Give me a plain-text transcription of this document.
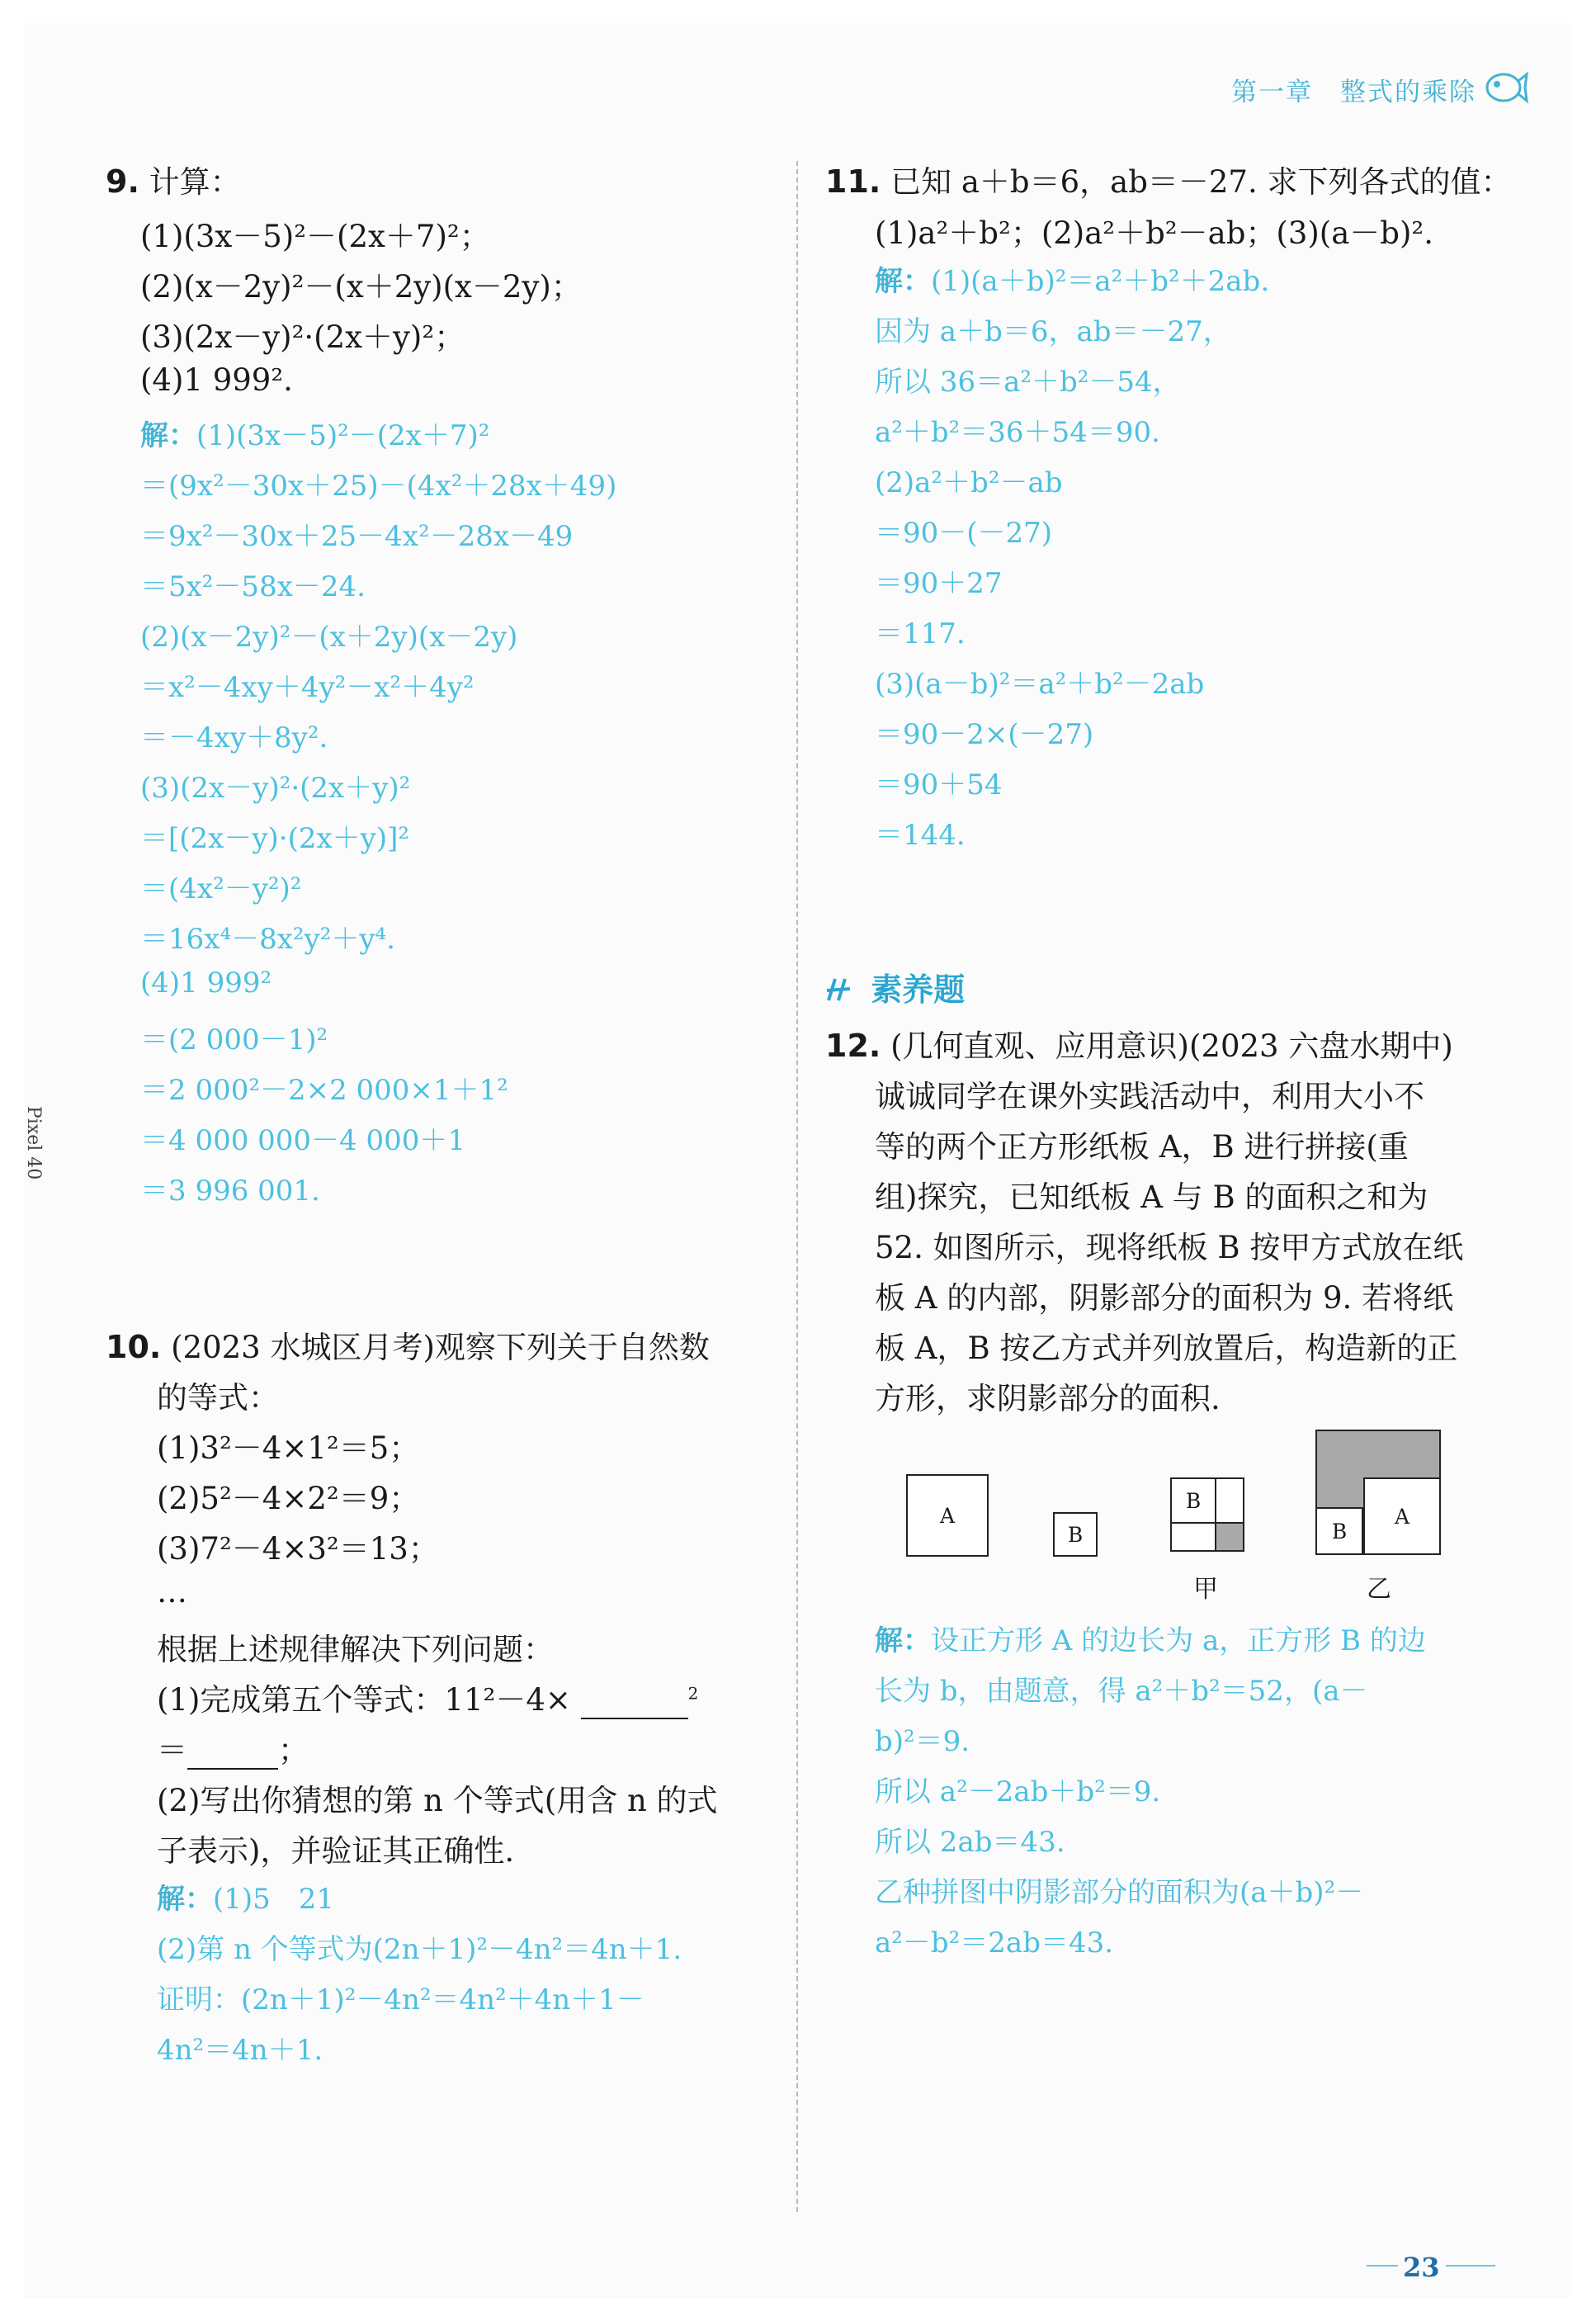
第一章　整式的乘除
Pixel 40
9. 计算：
(1)(3x－5)²－(2x＋7)²；
(2)(x－2y)²－(x＋2y)(x－2y)；
(3)(2x－y)²·(2x＋y)²；
(4)1 999².
解：(1)(3x－5)²－(2x＋7)²
＝(9x²－30x＋25)－(4x²＋28x＋49)
＝9x²－30x＋25－4x²－28x－49
＝5x²－58x－24.
(2)(x－2y)²－(x＋2y)(x－2y)
＝x²－4xy＋4y²－x²＋4y²
＝－4xy＋8y².
(3)(2x－y)²·(2x＋y)²
＝[(2x－y)·(2x＋y)]²
＝(4x²－y²)²
＝16x⁴－8x²y²＋y⁴.
(4)1 999²
＝(2 000－1)²
＝2 000²－2×2 000×1＋1²
＝4 000 000－4 000＋1
＝3 996 001.
10. (2023 水城区月考)观察下列关于自然数
的等式：
(1)3²－4×1²＝5；
(2)5²－4×2²＝9；
(3)7²－4×3²＝13；
…
根据上述规律解决下列问题：
(1)完成第五个等式：11²－4×	$^2$
＝	；
(2)写出你猜想的第 n 个等式(用含 n 的式
子表示)，并验证其正确性.
解：(1)5　21
(2)第 n 个等式为(2n＋1)²－4n²＝4n＋1.
证明：(2n＋1)²－4n²＝4n²＋4n＋1－
4n²＝4n＋1.
11. 已知 a＋b＝6，ab＝－27. 求下列各式的值：
(1)a²＋b²；(2)a²＋b²－ab；(3)(a－b)².
解：(1)(a＋b)²＝a²＋b²＋2ab.
因为 a＋b＝6，ab＝－27，
所以 36＝a²＋b²－54，
a²＋b²＝36＋54＝90.
(2)a²＋b²－ab
＝90－(－27)
＝90＋27
＝117.
(3)(a－b)²＝a²＋b²－2ab
＝90－2×(－27)
＝90＋54
＝144.
素养题
12. (几何直观、应用意识)(2023 六盘水期中)
诚诚同学在课外实践活动中，利用大小不
等的两个正方形纸板 A，B 进行拼接(重
组)探究，已知纸板 A 与 B 的面积之和为
52. 如图所示，现将纸板 B 按甲方式放在纸
板 A 的内部，阴影部分的面积为 9. 若将纸
板 A，B 按乙方式并列放置后，构造新的正
方形，求阴影部分的面积.
A
B
B
甲
A
B
乙
解：设正方形 A 的边长为 a，正方形 B 的边
长为 b，由题意，得 a²＋b²＝52，(a－
b)²＝9.
所以 a²－2ab＋b²＝9.
所以 2ab＝43.
乙种拼图中阴影部分的面积为(a＋b)²－
a²－b²＝2ab＝43.
23
